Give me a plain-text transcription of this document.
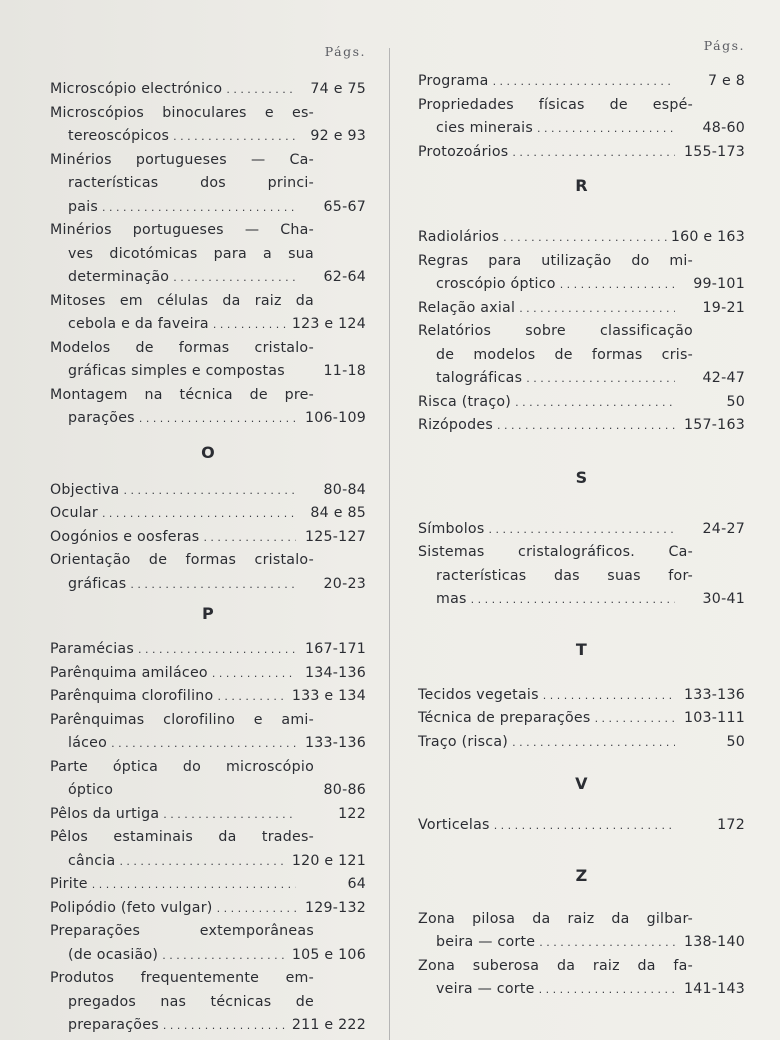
Págs.
Microscópio electrónico . . .	74 e 75
Microscópios binoculares e es-
tereoscópicos . . .	92 e 93
Minérios portugueses — Ca-
racterísticas dos princi-
pais . . .	65-67
Minérios portugueses — Cha-
ves dicotómicas para a sua
determinação . . .	62-64
Mitoses em células da raiz da
cebola e da faveira . . .	123 e 124
Modelos de formas cristalo-
gráficas simples e compostas	11-18
Montagem na técnica de pre-
parações . . .	106-109
O
Objectiva . . .	80-84
Ocular . . .	84 e 85
Oogónios e oosferas . . .	125-127
Orientação de formas cristalo-
gráficas . . .	20-23
P
Paramécias . . .	167-171
Parênquima amiláceo . . .	134-136
Parênquima clorofilino . . .	133 e 134
Parênquimas clorofilino e ami-
láceo . . .	133-136
Parte óptica do microscópio
óptico	80-86
Pêlos da urtiga . . .	122
Pêlos estaminais da trades-
cância . . .	120 e 121
Pirite . . .	64
Polipódio (feto vulgar) . . .	129-132
Preparações extemporâneas
(de ocasião) . . .	105 e 106
Produtos frequentemente em-
pregados nas técnicas de
preparações . . .	211 e 222
Págs.
Programa . . .	7 e 8
Propriedades físicas de espé-
cies minerais . . .	48-60
Protozoários . . .	155-173
R
Radiolários . . .	160 e 163
Regras para utilização do mi-
croscópio óptico . . .	99-101
Relação axial . . .	19-21
Relatórios sobre classificação
de modelos de formas cris-
talográficas . . .	42-47
Risca (traço) . . .	50
Rizópodes . . .	157-163
S
Símbolos . . .	24-27
Sistemas cristalográficos. Ca-
racterísticas das suas for-
mas . . .	30-41
T
Tecidos vegetais . . .	133-136
Técnica de preparações . . .	103-111
Traço (risca) . . .	50
V
Vorticelas . . .	172
Z
Zona pilosa da raiz da gilbar-
beira — corte . . .	138-140
Zona suberosa da raiz da fa-
veira — corte . . .	141-143
